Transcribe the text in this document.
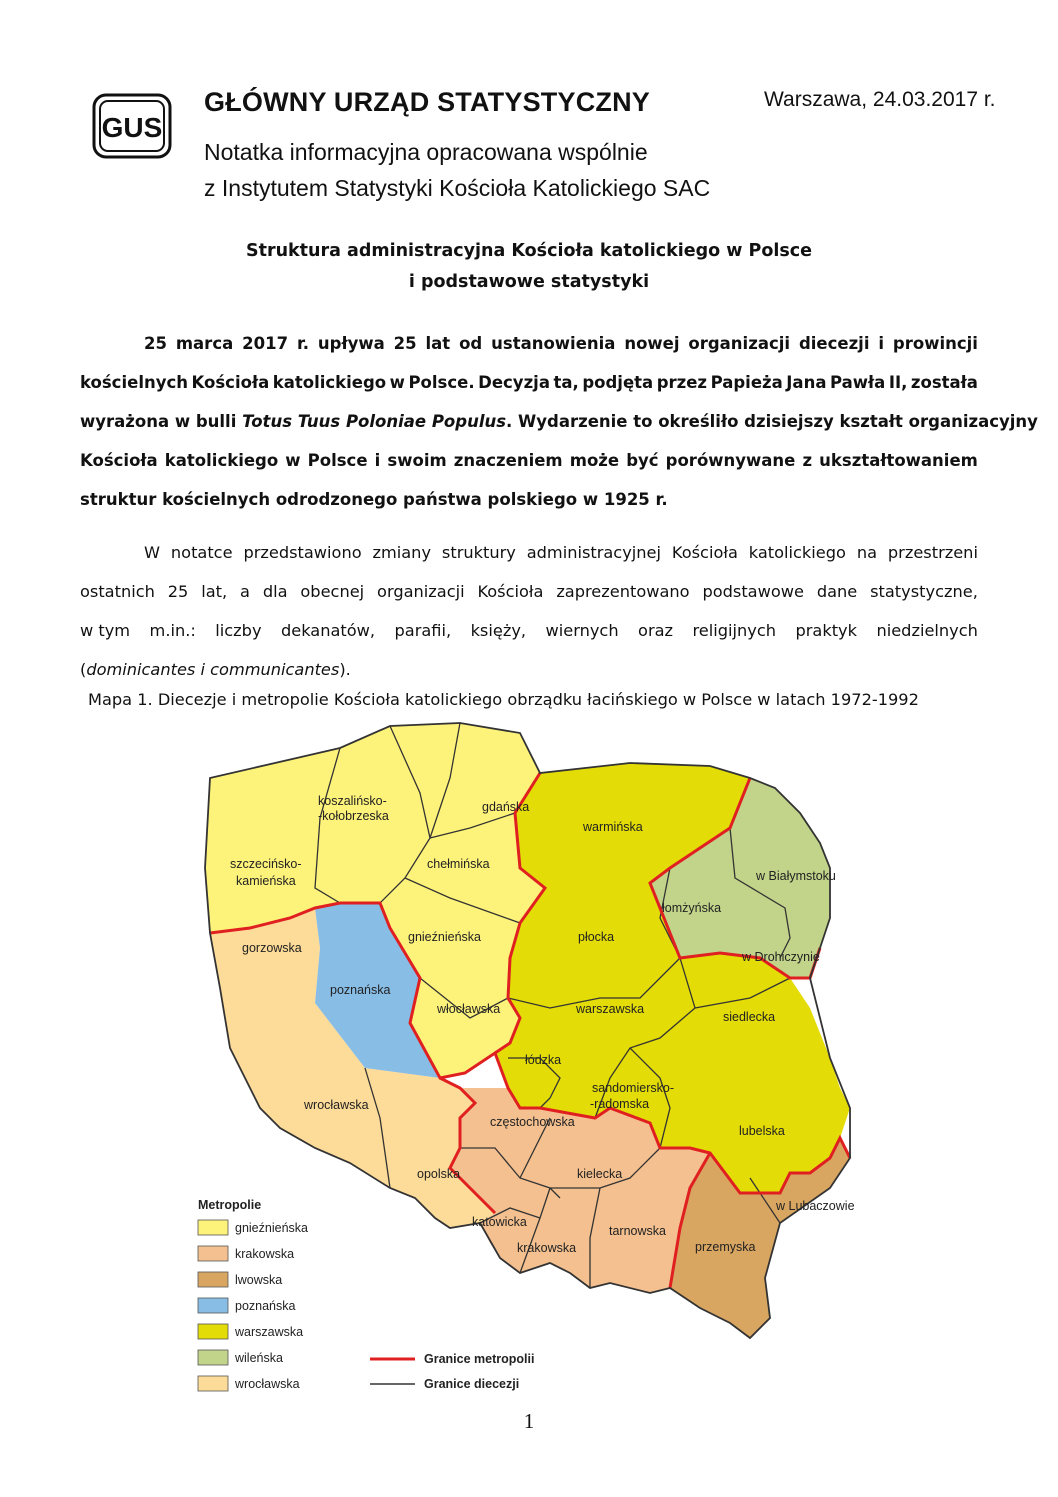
GUS
GŁÓWNY URZĄD STATYSTYCZNY	Warszawa, 24.03.2017 r.
Notatka informacyjna opracowana wspólnie
z Instytutem Statystyki Kościoła Katolickiego SAC
Struktura administracyjna Kościoła katolickiego w Polsce
i podstawowe statystyki
25 marca 2017 r. upływa 25 lat od ustanowienia nowej organizacji diecezji i prowincji
kościelnych Kościoła katolickiego w Polsce. Decyzja ta, podjęta przez Papieża Jana Pawła II, została
wyrażona w bulli Totus Tuus Poloniae Populus . Wydarzenie to określiło dzisiejszy kształt organizacyjny
Kościoła katolickiego w Polsce i swoim znaczeniem może być porównywane z ukształtowaniem
struktur kościelnych odrodzonego państwa polskiego w 1925 r.
W notatce przedstawiono zmiany struktury administracyjnej Kościoła katolickiego na przestrzeni
ostatnich 25 lat, a dla obecnej organizacji Kościoła zaprezentowano podstawowe dane statystyczne,
w tym m.in.: liczby dekanatów, parafii, księży, wiernych oraz religijnych praktyk niedzielnych
( dominicantes i communicantes ).
Mapa 1. Diecezje i metropolie Kościoła katolickiego obrządku łacińskiego w Polsce w latach 1972-1992
gdańska
koszalińsko-
-kołobrzeska
szczecińsko-
kamieńska
chełmińska
warmińska
w Białymstoku
łomżyńska
w Drohiczynie
gnieźnieńska
gorzowska
poznańska
włocławska
płocka
warszawska
siedlecka
łódzka
sandomiersko-
-radomska
lubelska
wrocławska
częstochowska
opolska	kielecka
w Lubaczowie
katowicka
tarnowska
krakowska	przemyska
Metropolie
gnieźnieńska
krakowska
lwowska
poznańska
warszawska
wileńska
wrocławska
Granice metropolii
Granice diecezji
1
